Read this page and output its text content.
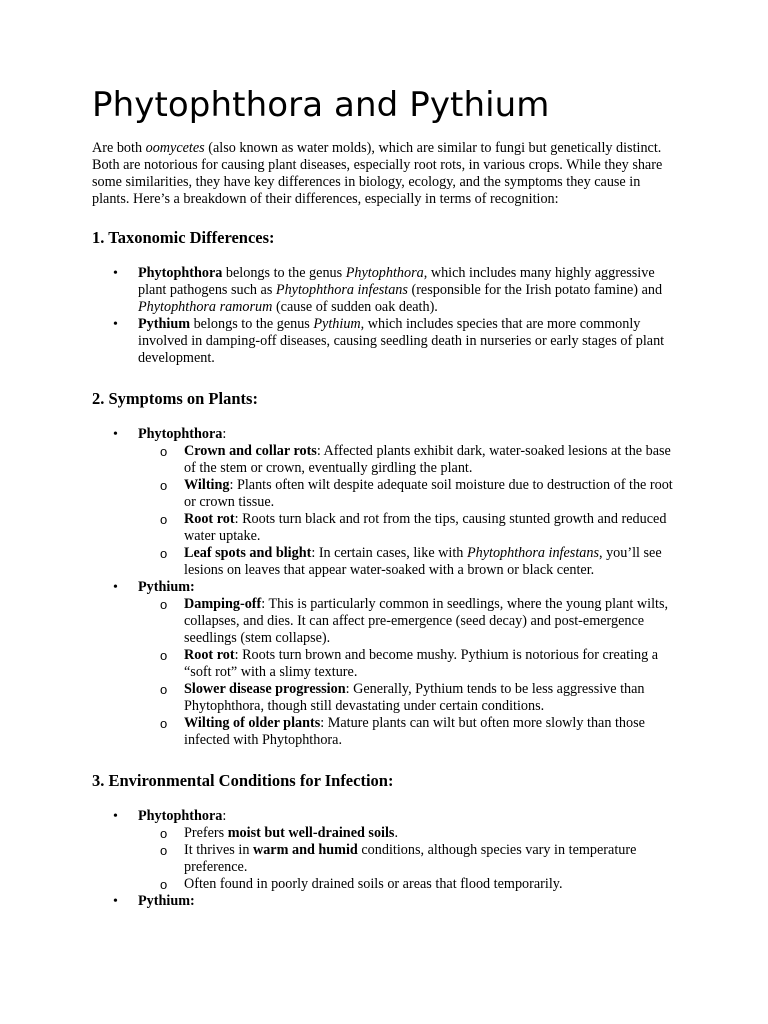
Phytophthora and Pythium

Are both oomycetes (also known as water molds), which are similar to fungi but genetically distinct. Both are notorious for causing plant diseases, especially root rots, in various crops. While they share some similarities, they have key differences in biology, ecology, and the symptoms they cause in plants. Here’s a breakdown of their differences, especially in terms of recognition:

1. Taxonomic Differences:
• Phytophthora belongs to the genus Phytophthora, which includes many highly aggressive plant pathogens such as Phytophthora infestans (responsible for the Irish potato famine) and Phytophthora ramorum (cause of sudden oak death).
• Pythium belongs to the genus Pythium, which includes species that are more commonly involved in damping-off diseases, causing seedling death in nurseries or early stages of plant development.
2. Symptoms on Plants:
• Phytophthora:
o Crown and collar rots: Affected plants exhibit dark, water-soaked lesions at the base of the stem or crown, eventually girdling the plant.
o Wilting: Plants often wilt despite adequate soil moisture due to destruction of the root or crown tissue.
o Root rot: Roots turn black and rot from the tips, causing stunted growth and reduced water uptake.
o Leaf spots and blight: In certain cases, like with Phytophthora infestans, you’ll see lesions on leaves that appear water-soaked with a brown or black center.
• Pythium:
o Damping-off: This is particularly common in seedlings, where the young plant wilts, collapses, and dies. It can affect pre-emergence (seed decay) and post-emergence seedlings (stem collapse).
o Root rot: Roots turn brown and become mushy. Pythium is notorious for creating a “soft rot” with a slimy texture.
o Slower disease progression: Generally, Pythium tends to be less aggressive than Phytophthora, though still devastating under certain conditions.
o Wilting of older plants: Mature plants can wilt but often more slowly than those infected with Phytophthora.
3. Environmental Conditions for Infection:
• Phytophthora:
o Prefers moist but well-drained soils.
o It thrives in warm and humid conditions, although species vary in temperature preference.
o Often found in poorly drained soils or areas that flood temporarily.
• Pythium:
